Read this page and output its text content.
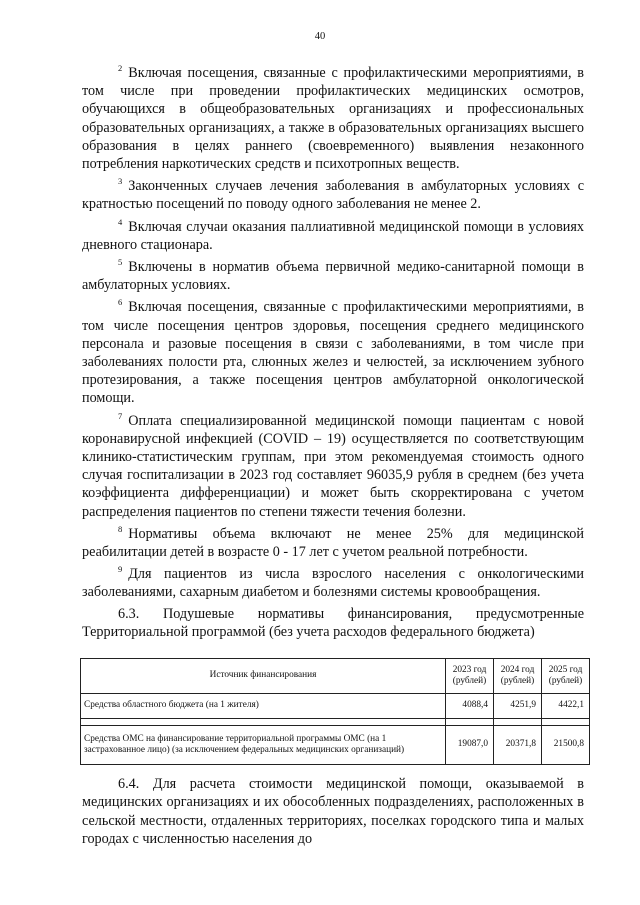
40

$^2$ Включая посещения, связанные с профилактическими мероприятиями, в том числе при проведении профилактических медицинских осмотров, обучающихся в общеобразовательных организациях и профессиональных образовательных организациях, а также в образовательных организациях высшего образования в целях раннего (своевременного) выявления незаконного потребления наркотических средств и психотропных веществ.

$^3$ Законченных случаев лечения заболевания в амбулаторных условиях с кратностью посещений по поводу одного заболевания не менее 2.

$^4$ Включая случаи оказания паллиативной медицинской помощи в условиях дневного стационара.

$^5$ Включены в норматив объема первичной медико-санитарной помощи в амбулаторных условиях.

$^6$ Включая посещения, связанные с профилактическими мероприятиями, в том числе посещения центров здоровья, посещения среднего медицинского персонала и разовые посещения в связи с заболеваниями, в том числе при заболеваниях полости рта, слюнных желез и челюстей, за исключением зубного протезирования, а также посещения центров амбулаторной онкологической помощи.

$^7$ Оплата специализированной медицинской помощи пациентам с новой коронавирусной инфекцией (COVID – 19) осуществляется по соответствующим клинико-статистическим группам, при этом рекомендуемая стоимость одного случая госпитализации в 2023 год составляет 96035,9 рубля в среднем (без учета коэффициента дифференциации) и может быть скорректирована с учетом распределения пациентов по степени тяжести течения болезни.

$^8$ Нормативы объема включают не менее 25% для медицинской реабилитации детей в возрасте 0 - 17 лет с учетом реальной потребности.

$^9$ Для пациентов из числа взрослого населения с онкологическими заболеваниями, сахарным диабетом и болезнями системы кровообращения.

6.3. Подушевые нормативы финансирования, предусмотренные Территориальной программой (без учета расходов федерального бюджета)

Источник финансирования	2023 год (рублей)	2024 год (рублей)	2025 год (рублей)
Средства областного бюджета (на 1 жителя)	4088,4	4251,9	4422,1

Средства ОМС на финансирование территориальной программы ОМС (на 1 застрахованное лицо) (за исключением федеральных медицинских организаций)	19087,0	20371,8	21500,8

6.4. Для расчета стоимости медицинской помощи, оказываемой в медицинских организациях и их обособленных подразделениях, расположенных в сельской местности, отдаленных территориях, поселках городского типа и малых городах с численностью населения до
